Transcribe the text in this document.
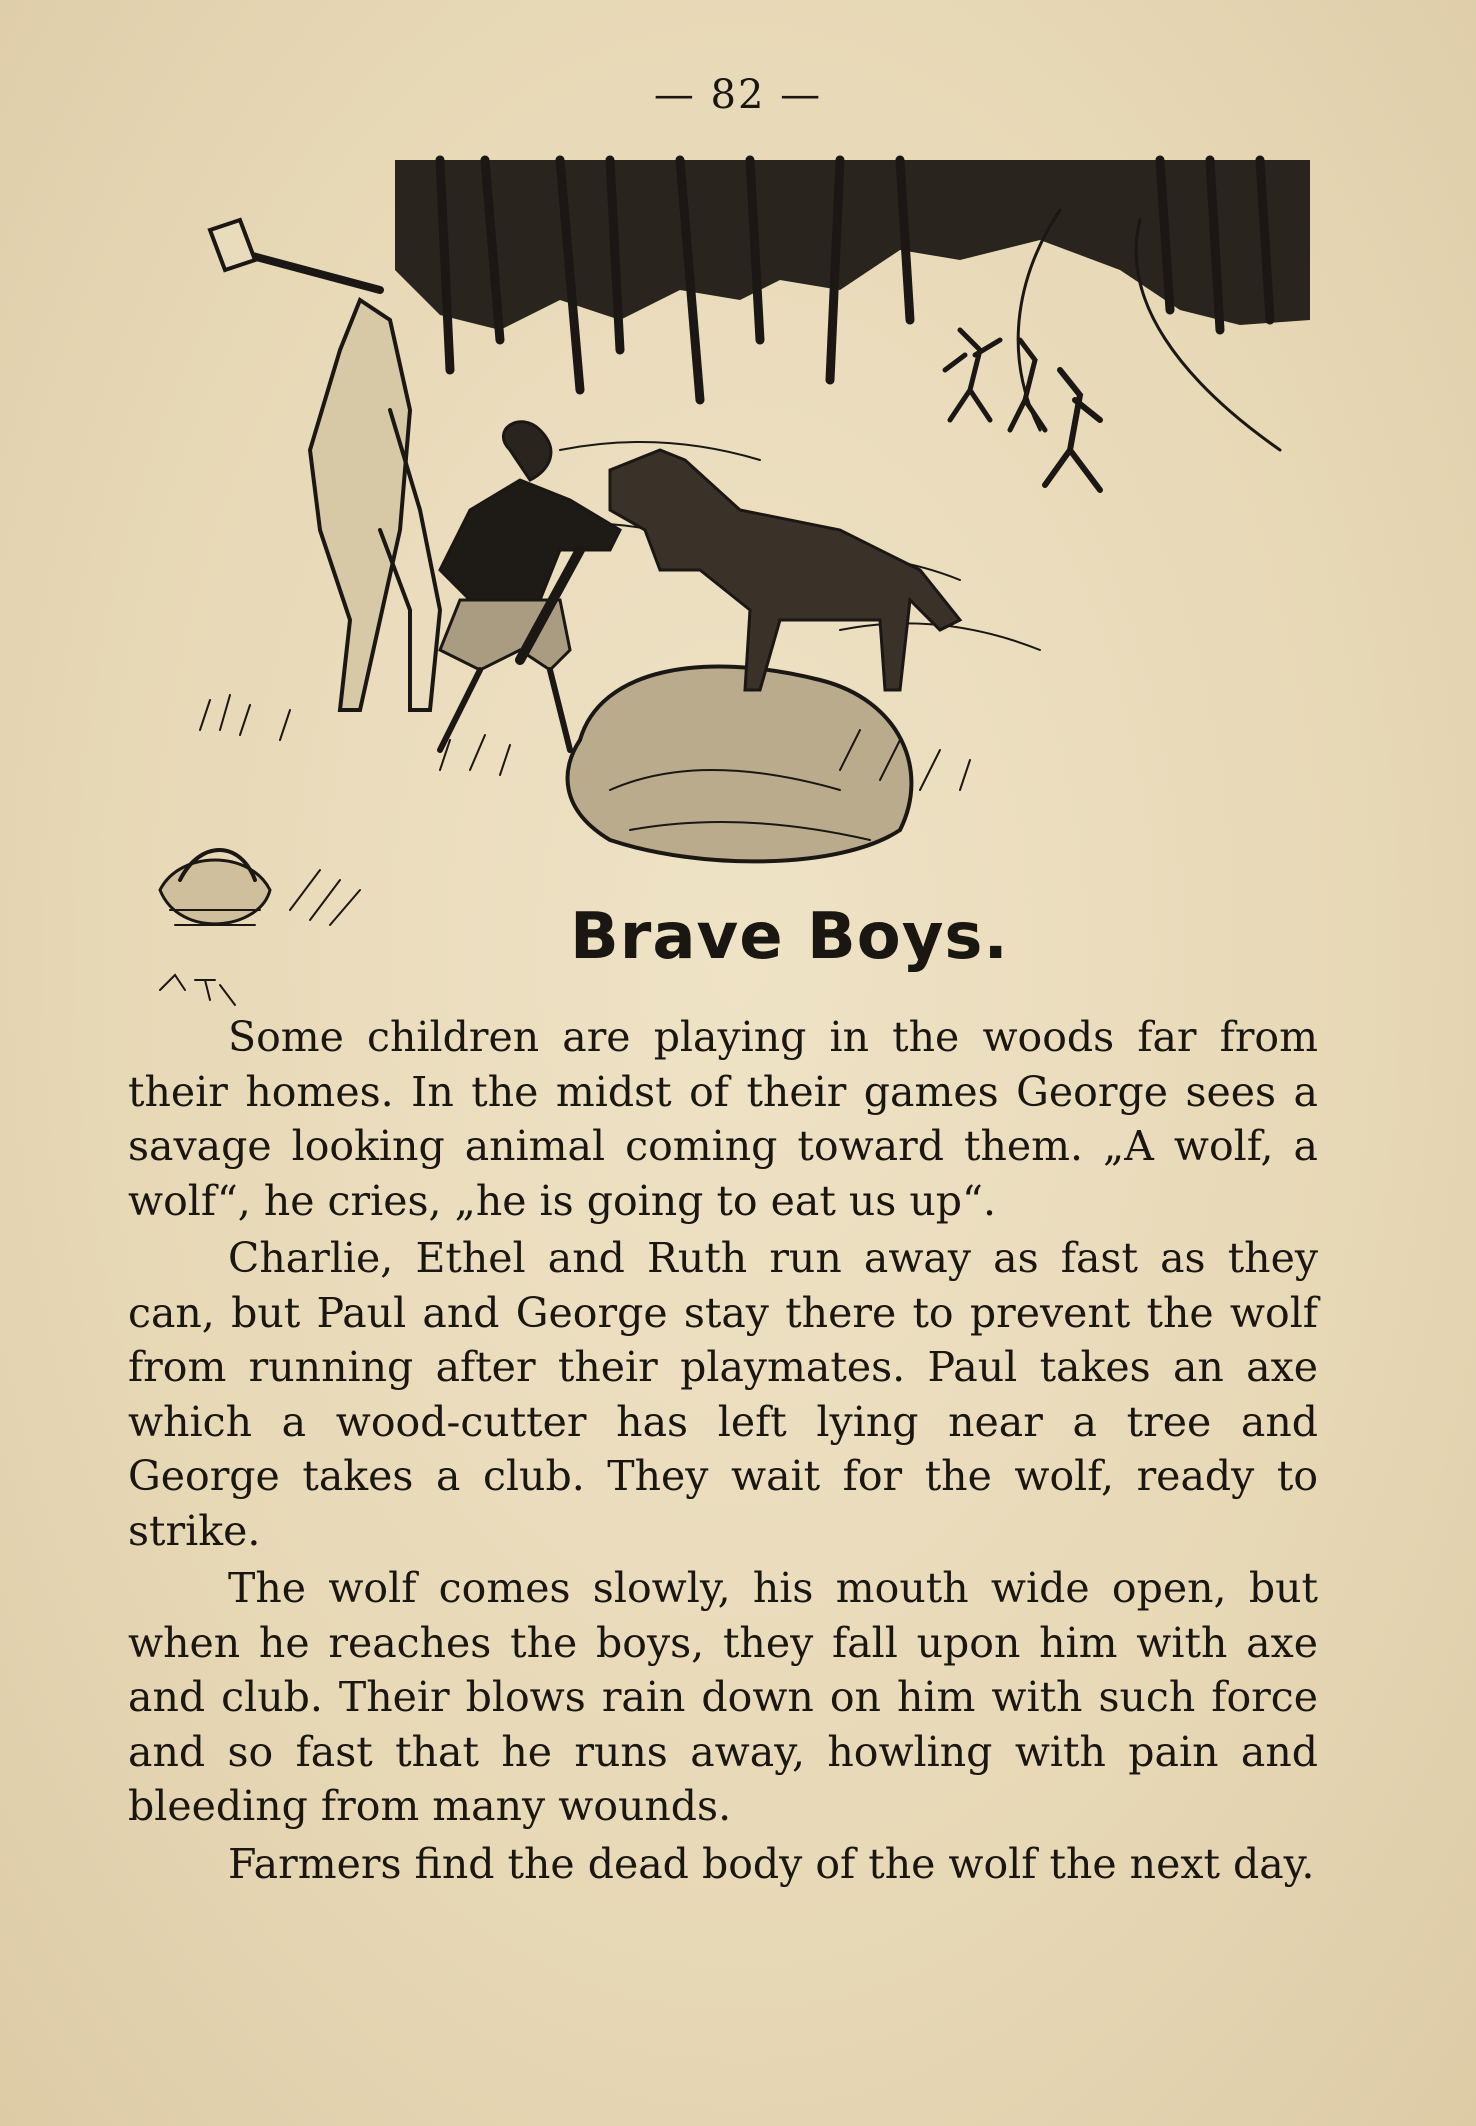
— 82 —
Brave Boys.

Some children are playing in the woods far from their homes. In the midst of their games George sees a savage looking animal coming toward them. „A wolf, a wolf“, he cries, „he is going to eat us up“.

Charlie, Ethel and Ruth run away as fast as they can, but Paul and George stay there to prevent the wolf from running after their playmates. Paul takes an axe which a wood-cutter has left lying near a tree and George takes a club. They wait for the wolf, ready to strike.

The wolf comes slowly, his mouth wide open, but when he reaches the boys, they fall upon him with axe and club. Their blows rain down on him with such force and so fast that he runs away, howling with pain and bleeding from many wounds.

Farmers find the dead body of the wolf the next day.
